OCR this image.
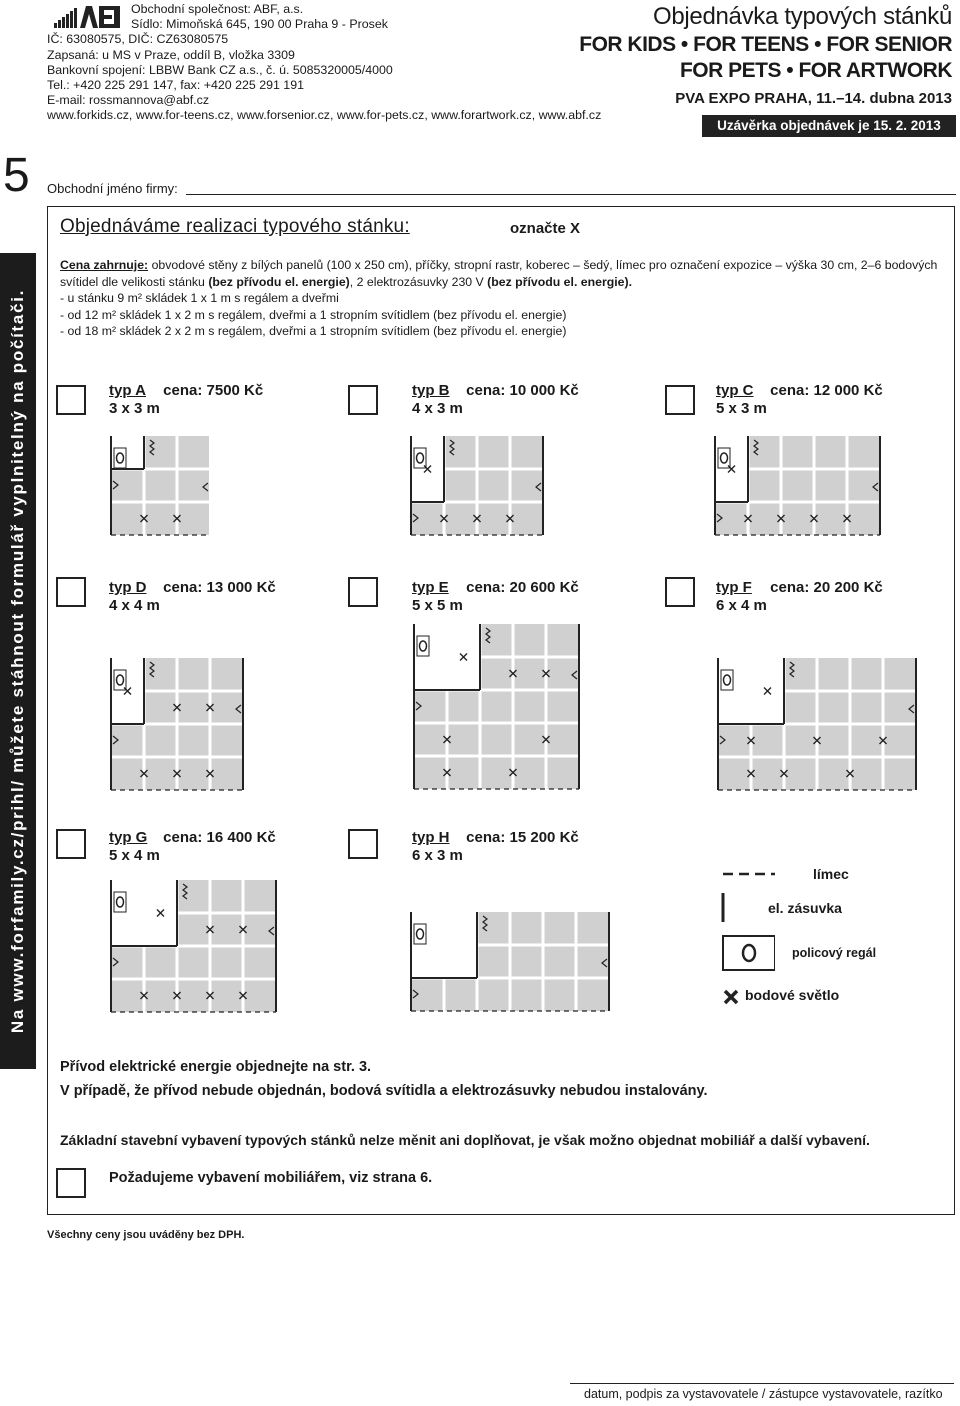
Obchodní společnost: ABF, a.s.
Sídlo: Mimoňská 645, 190 00 Praha 9 - Prosek
IČ: 63080575, DIČ: CZ63080575
Zapsaná: u MS v Praze, oddíl B, vložka 3309
Bankovní spojení: LBBW Bank CZ a.s., č. ú. 5085320005/4000
Tel.: +420 225 291 147, fax: +420 225 291 191
E-mail: rossmannova@abf.cz
www.forkids.cz, www.for-teens.cz, www.forsenior.cz, www.for-pets.cz, www.forartwork.cz, www.abf.cz
Objednávka typových stánků
FOR KIDS • FOR TEENS • FOR SENIOR
FOR PETS • FOR ARTWORK
PVA EXPO PRAHA, 11.–14. dubna 2013
Uzávěrka objednávek je 15. 2. 2013
5 Obchodní jméno firmy:
Objednáváme realizaci typového stánku:	označte X
Na www.forfamily.cz/prihl/ můžete stáhnout formulář vyplnitelný na počítači.

Cena zahrnuje: obvodové stěny z bílých panelů (100 x 250 cm), příčky, stropní rastr, koberec – šedý, límec pro označení expozice – výška 30 cm, 2–6 bodových svítidel dle velikosti stánku (bez přívodu el. energie), 2 elektrozásuvky 230 V (bez přívodu el. energie).

- u stánku 9 m² skládek 1 x 1 m s regálem a dveřmi

- od 12 m² skládek 1 x 2 m s regálem, dveřmi a 1 stropním svítidlem (bez přívodu el. energie)

- od 18 m² skládek 2 x 2 m s regálem, dveřmi a 1 stropním svítidlem (bez přívodu el. energie)

typ A cena: 7500 Kč
3 x 3 m
typ B cena: 10 000 Kč
4 x 3 m
typ C cena: 12 000 Kč
5 x 3 m
typ D cena: 13 000 Kč
4 x 4 m
typ E cena: 20 600 Kč
5 x 5 m
typ F cena: 20 200 Kč
6 x 4 m
typ G cena: 16 400 Kč
5 x 4 m
typ H cena: 15 200 Kč
6 x 3 m
límec
el. zásuvka
policový regál
bodové světlo
Přívod elektrické energie objednejte na str. 3.
V případě, že přívod nebude objednán, bodová svítidla a elektrozásuvky nebudou instalovány.
Základní stavební vybavení typových stánků nelze měnit ani doplňovat, je však možno objednat mobiliář a další vybavení.
Požadujeme vybavení mobiliářem, viz strana 6.
Všechny ceny jsou uváděny bez DPH.
datum, podpis za vystavovatele / zástupce vystavovatele, razítko
